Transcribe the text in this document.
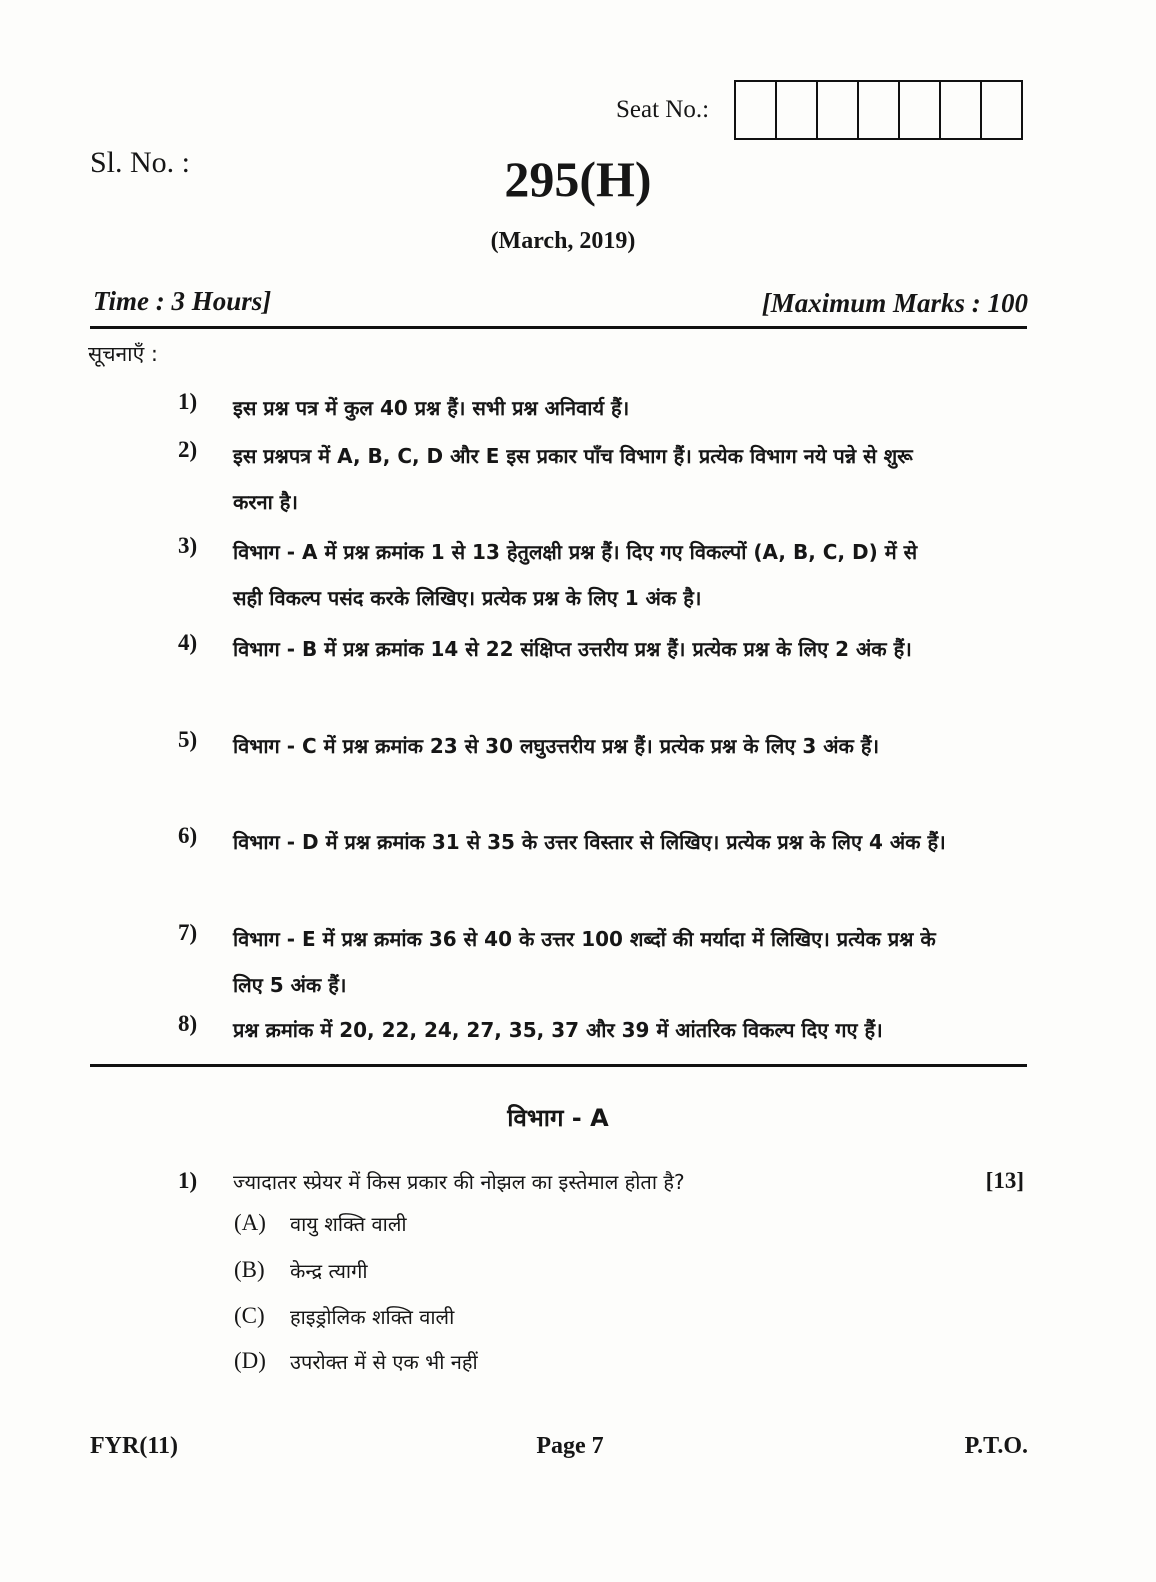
Seat No.:
Sl. No. :	295(H)
(March, 2019)
Time : 3 Hours]	[Maximum Marks : 100
सूचनाएँ :
1)	इस प्रश्न पत्र में कुल 40 प्रश्न हैं। सभी प्रश्न अनिवार्य हैं।
2)	इस प्रश्नपत्र में A, B, C, D और E इस प्रकार पाँच विभाग हैं। प्रत्येक विभाग नये पन्ने से शुरू करना है।
3)	विभाग - A में प्रश्न क्रमांक 1 से 13 हेतुलक्षी प्रश्न हैं। दिए गए विकल्पों (A, B, C, D) में से सही विकल्प पसंद करके लिखिए। प्रत्येक प्रश्न के लिए 1 अंक है।
4)	विभाग - B में प्रश्न क्रमांक 14 से 22 संक्षिप्त उत्तरीय प्रश्न हैं। प्रत्येक प्रश्न के लिए 2 अंक हैं।
5)	विभाग - C में प्रश्न क्रमांक 23 से 30 लघुउत्तरीय प्रश्न हैं। प्रत्येक प्रश्न के लिए 3 अंक हैं।
6)	विभाग - D में प्रश्न क्रमांक 31 से 35 के उत्तर विस्तार से लिखिए। प्रत्येक प्रश्न के लिए 4 अंक हैं।
7)	विभाग - E में प्रश्न क्रमांक 36 से 40 के उत्तर 100 शब्दों की मर्यादा में लिखिए। प्रत्येक प्रश्न के लिए 5 अंक हैं।
8)	प्रश्न क्रमांक में 20, 22, 24, 27, 35, 37 और 39 में आंतरिक विकल्प दिए गए हैं।
विभाग - A
1) ज्यादातर स्प्रेयर में किस प्रकार की नोझल का इस्तेमाल होता है?	[13]
(A)	वायु शक्ति वाली
(B)	केन्द्र त्यागी
(C)	हाइड्रोलिक शक्ति वाली
(D)	उपरोक्त में से एक भी नहीं
FYR(11)	Page 7	P.T.O.
